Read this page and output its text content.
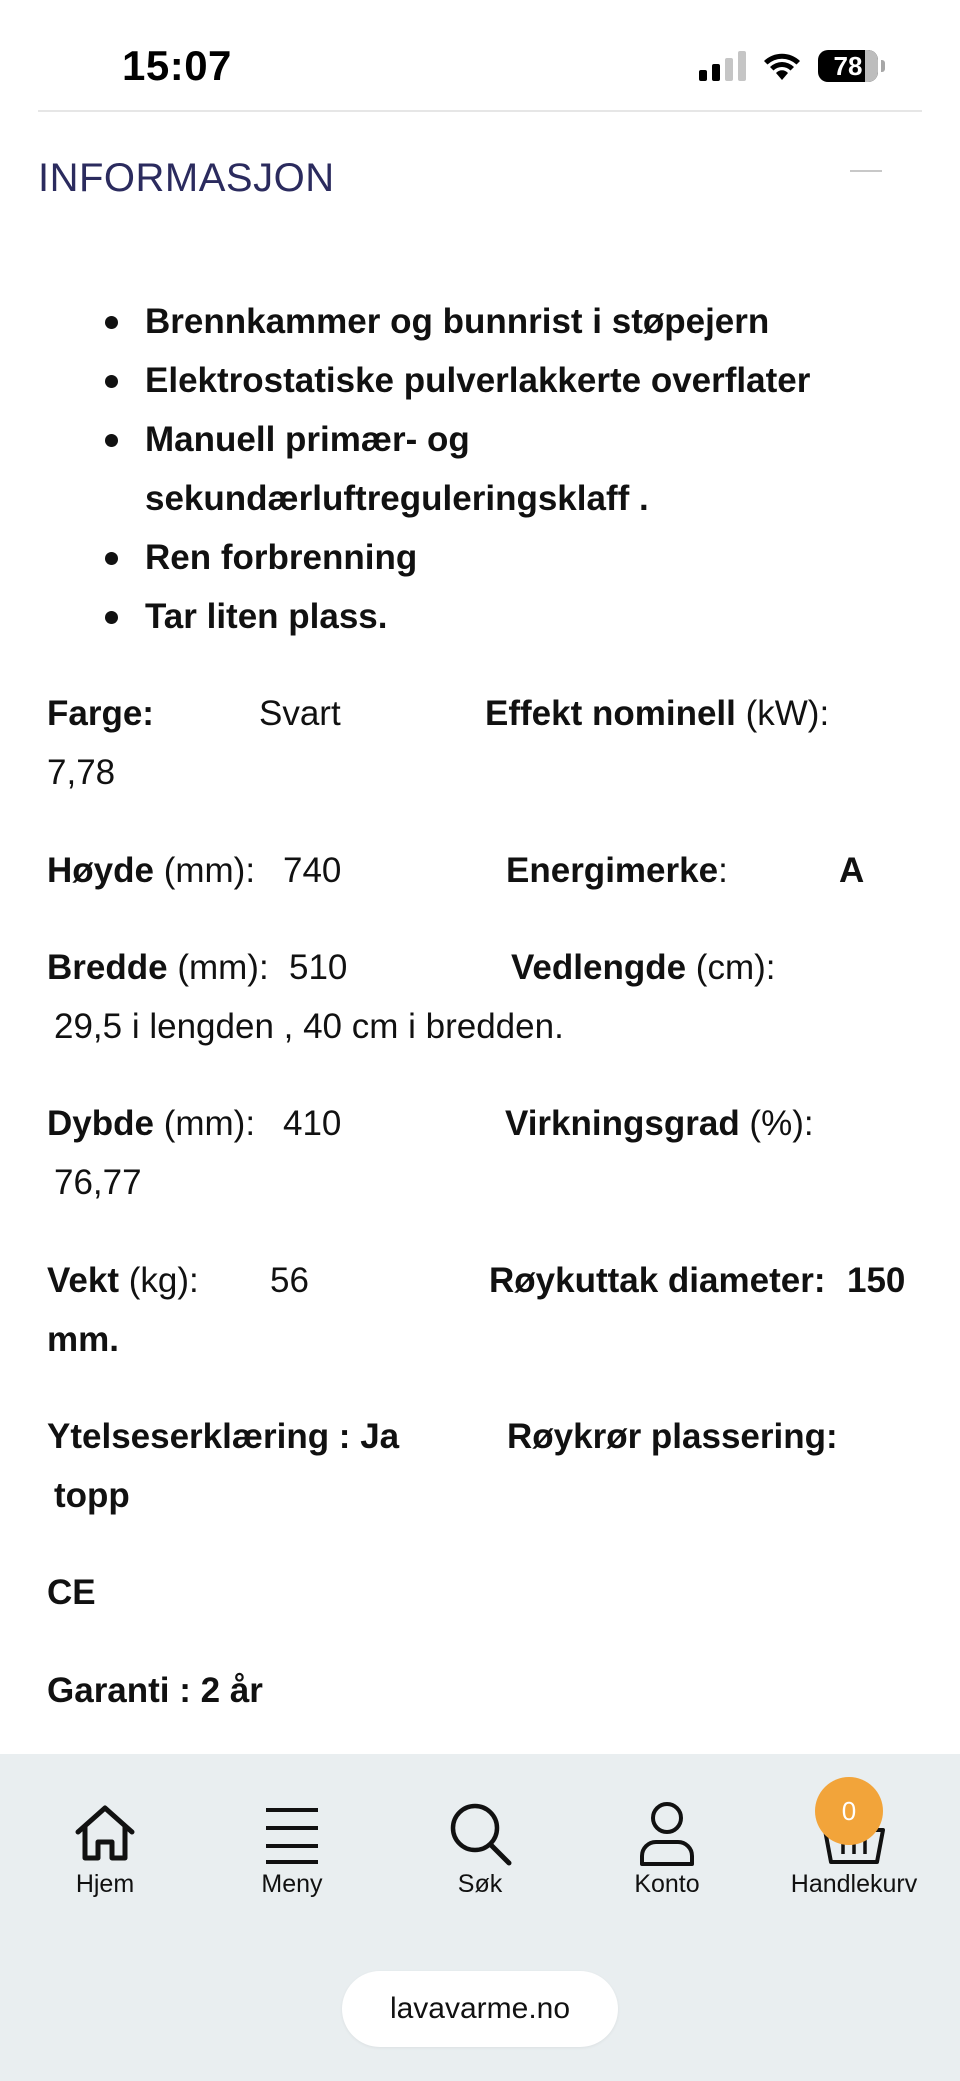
15:07	78
INFORMASJON
Brennkammer og bunnrist i støpejern
Elektrostatiske pulverlakkerte overflater
Manuell primær- og
sekundærluftreguleringsklaff .
Ren forbrenning
Tar liten plass.
Farge:	Svart	Effekt nominell (kW):
7,78
Høyde (mm): 740	Energimerke:	A
Bredde (mm): 510	Vedlengde (cm):
29,5 i lengden , 40 cm i bredden.
Dybde (mm): 410	Virkningsgrad (%):
76,77
Vekt (kg): 56	Røykuttak diameter: 150
mm.
Ytelseserklæring : Ja	Røykrør plassering:
topp
CE
Garanti : 2 år
Hjem	Meny	Søk	Konto	Handlekurv
0
lavavarme.no
